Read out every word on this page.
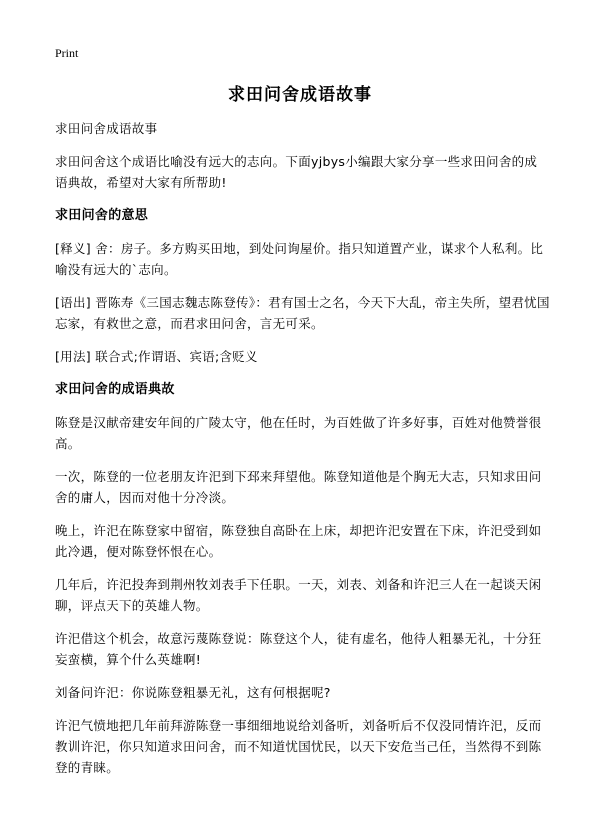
Print
求田问舍成语故事

求田问舍成语故事

求田问舍这个成语比喻没有远大的志向。下面yjbys小编跟大家分享一些求田问舍的成语典故，希望对大家有所帮助!

求田问舍的意思

[释义] 舍：房子。多方购买田地，到处问询屋价。指只知道置产业，谋求个人私利。比喻没有远大的`志向。

[语出] 晋陈寿《三国志魏志陈登传》：君有国士之名，今天下大乱，帝主失所，望君忧国忘家，有救世之意，而君求田问舍，言无可采。

[用法] 联合式;作谓语、宾语;含贬义

求田问舍的成语典故

陈登是汉献帝建安年间的广陵太守，他在任时，为百姓做了许多好事，百姓对他赞誉很高。

一次，陈登的一位老朋友许汜到下邳来拜望他。陈登知道他是个胸无大志，只知求田问舍的庸人，因而对他十分冷淡。

晚上，许汜在陈登家中留宿，陈登独自高卧在上床，却把许汜安置在下床，许汜受到如此冷遇，便对陈登怀恨在心。

几年后，许汜投奔到荆州牧刘表手下任职。一天，刘表、刘备和许汜三人在一起谈天闲聊，评点天下的英雄人物。

许汜借这个机会，故意污蔑陈登说：陈登这个人，徒有虚名，他待人粗暴无礼，十分狂妄蛮横，算个什么英雄啊!

刘备问许汜：你说陈登粗暴无礼，这有何根据呢?

许汜气愤地把几年前拜游陈登一事细细地说给刘备听，刘备听后不仅没同情许汜，反而教训许汜，你只知道求田问舍，而不知道忧国忧民，以天下安危当己任，当然得不到陈登的青睐。
